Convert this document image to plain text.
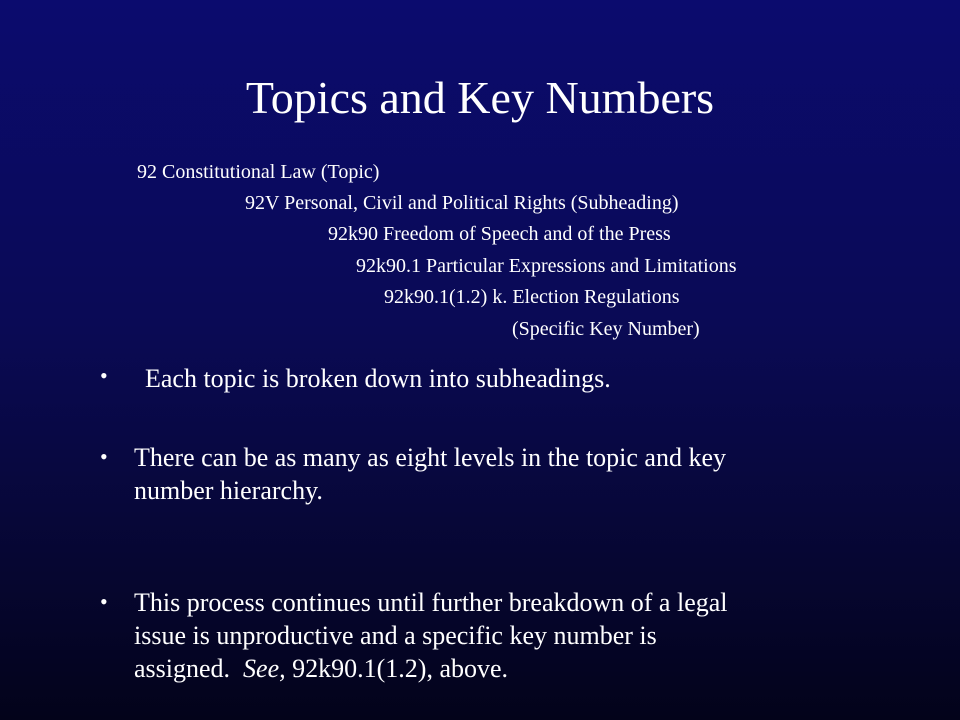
Topics and Key Numbers
92 Constitutional Law (Topic)
92V Personal, Civil and Political Rights (Subheading)
92k90 Freedom of Speech and of the Press
92k90.1 Particular Expressions and Limitations
92k90.1(1.2) k. Election Regulations
(Specific Key Number)
• Each topic is broken down into subheadings.
• There can be as many as eight levels in the topic and key
number hierarchy.
• This process continues until further breakdown of a legal
issue is unproductive and a specific key number is
assigned.  See, 92k90.1(1.2), above.
